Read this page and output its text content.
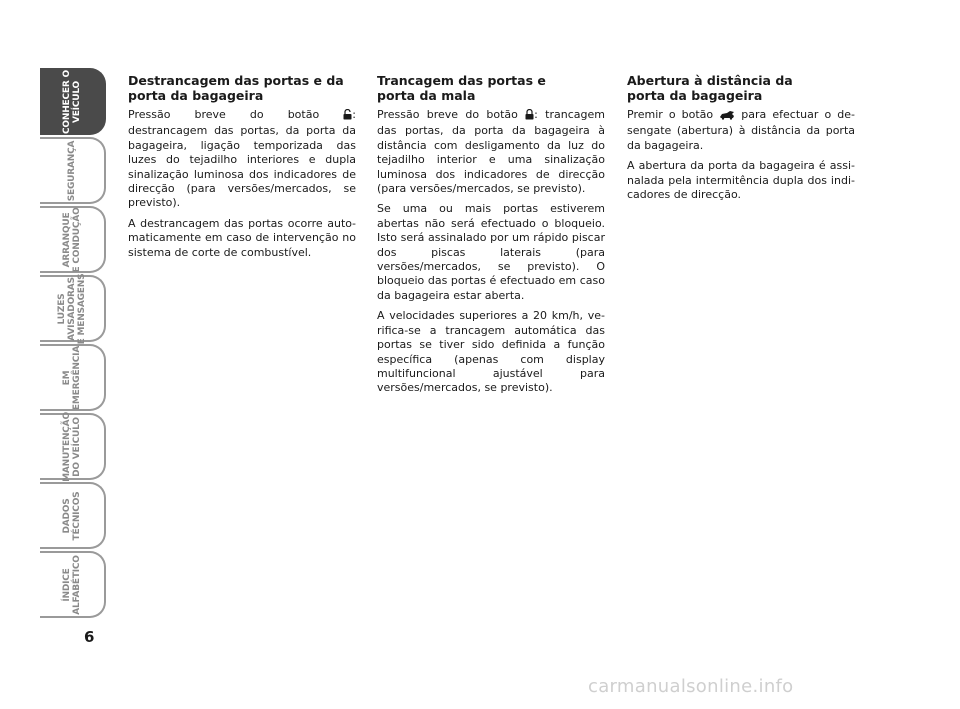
CONHECER O
VEÍCULO
SEGURANÇA
ARRANQUE
E CONDUÇÃO
LUZES
AVISADORAS
E MENSAGENS
EM
EMERGÊNCIA
MANUTENÇÃO
DO VEÍCULO
DADOS
TÉCNICOS
ÍNDICE
ALFABÉTICO
6
Destrancagem das portas e da
porta da bagageira

Pressão breve do botão : destrancagem das portas, da porta da bagageira, ligação temporizada das luzes do tejadilho interiores e dupla sinalização luminosa dos indicadores de direcção (para versões/mercados, se previsto).

A destrancagem das portas ocorre automaticamente em caso de intervenção no sistema de corte de combustível.

Trancagem das portas e
porta da mala

Pressão breve do botão : trancagem das portas, da porta da bagageira à distância com desligamento da luz do tejadilho interior e uma sinalização luminosa dos indicadores de direcção (para versões/mercados, se previsto).

Se uma ou mais portas estiverem abertas não será efectuado o bloqueio. Isto será assinalado por um rápido piscar dos piscas laterais (para versões/mercados, se previsto). O bloqueio das portas é efectuado em caso da bagageira estar aberta.

A velocidades superiores a 20 km/h, verifica-se a trancagem automática das portas se tiver sido definida a função específica (apenas com display multifuncional ajustável para versões/mercados, se previsto).

Abertura à distância da
porta da bagageira

Premir o botão  para efectuar o desengate (abertura) à distância da porta da bagageira.

A abertura da porta da bagageira é assinalada pela intermitência dupla dos indicadores de direcção.

carmanualsonline.info
